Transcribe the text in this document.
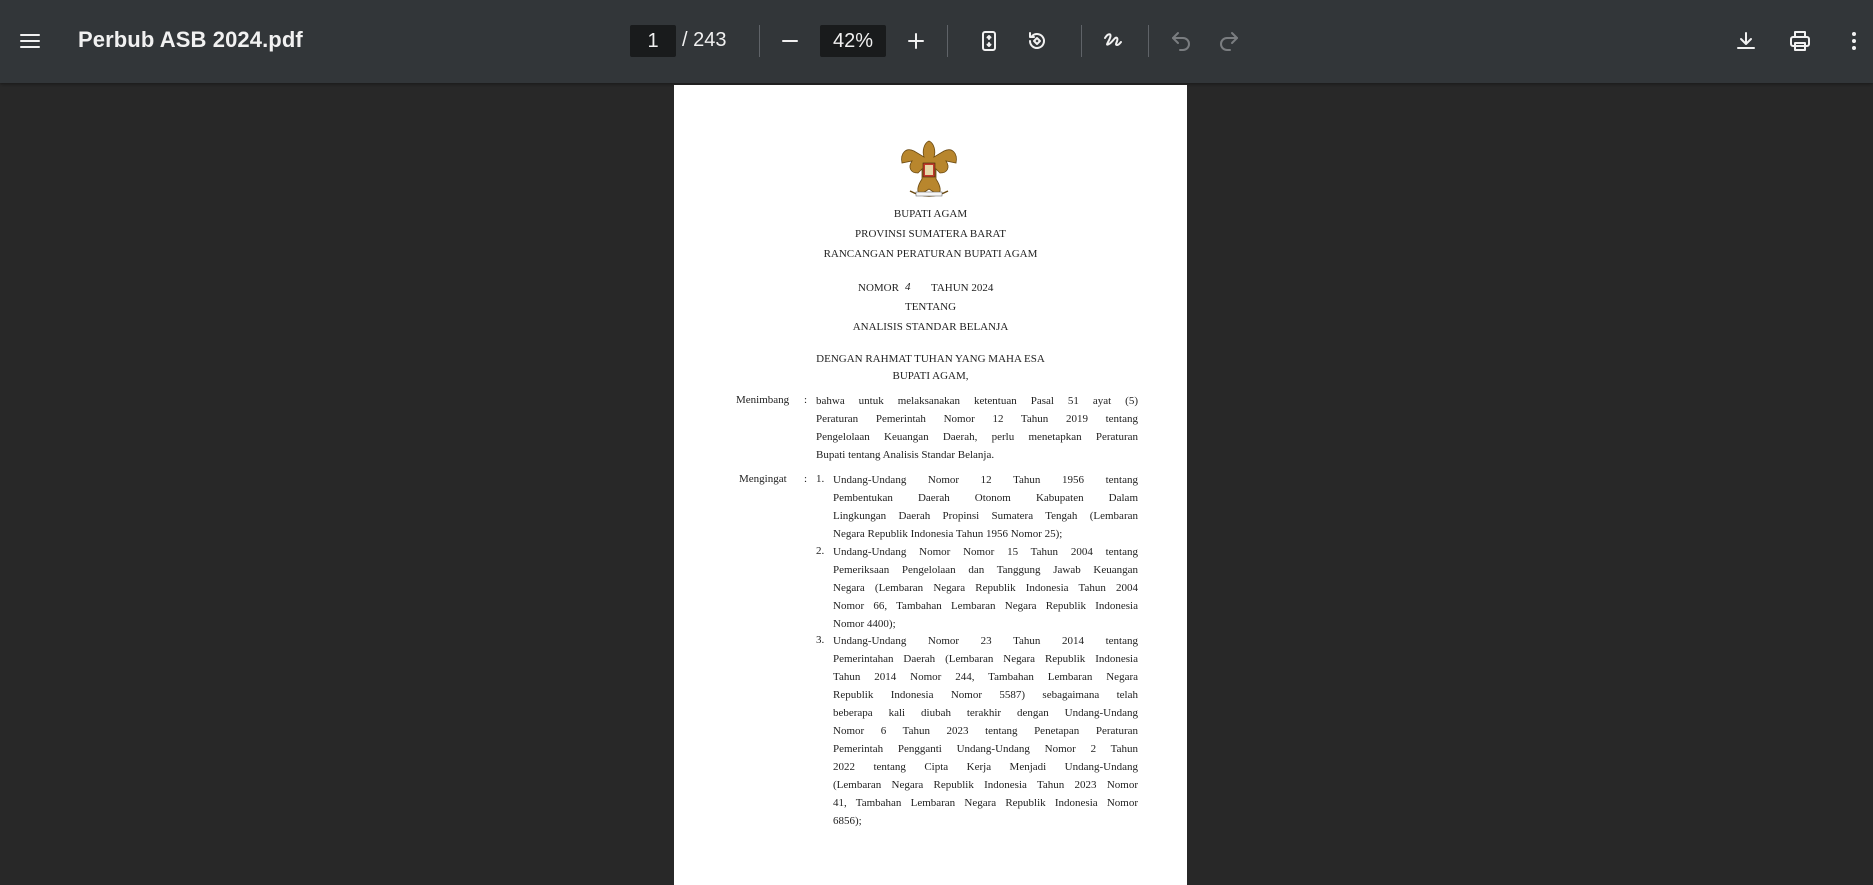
Perbub ASB 2024.pdf	1	/ 243	42%
BUPATI AGAM
PROVINSI SUMATERA BARAT
RANCANGAN PERATURAN BUPATI AGAM
NOMOR 4 TAHUN 2024
TENTANG
ANALISIS STANDAR BELANJA
DENGAN RAHMAT TUHAN YANG MAHA ESA
BUPATI AGAM,
Menimbang : bahwa untuk melaksanakan ketentuan Pasal 51 ayat (5)
Peraturan Pemerintah Nomor 12 Tahun 2019 tentang
Pengelolaan Keuangan Daerah, perlu menetapkan Peraturan
Bupati tentang Analisis Standar Belanja.
Mengingat : 1. Undang-Undang Nomor 12 Tahun 1956 tentang
Pembentukan Daerah Otonom Kabupaten Dalam
Lingkungan Daerah Propinsi Sumatera Tengah (Lembaran
Negara Republik Indonesia Tahun 1956 Nomor 25);
2. Undang-Undang Nomor Nomor 15 Tahun 2004 tentang
Pemeriksaan Pengelolaan dan Tanggung Jawab Keuangan
Negara (Lembaran Negara Republik Indonesia Tahun 2004
Nomor 66, Tambahan Lembaran Negara Republik Indonesia
Nomor 4400);
3. Undang-Undang Nomor 23 Tahun 2014 tentang
Pemerintahan Daerah (Lembaran Negara Republik Indonesia
Tahun 2014 Nomor 244, Tambahan Lembaran Negara
Republik Indonesia Nomor 5587) sebagaimana telah
beberapa kali diubah terakhir dengan Undang-Undang
Nomor 6 Tahun 2023 tentang Penetapan Peraturan
Pemerintah Pengganti Undang-Undang Nomor 2 Tahun
2022 tentang Cipta Kerja Menjadi Undang-Undang
(Lembaran Negara Republik Indonesia Tahun 2023 Nomor
41, Tambahan Lembaran Negara Republik Indonesia Nomor
6856);
